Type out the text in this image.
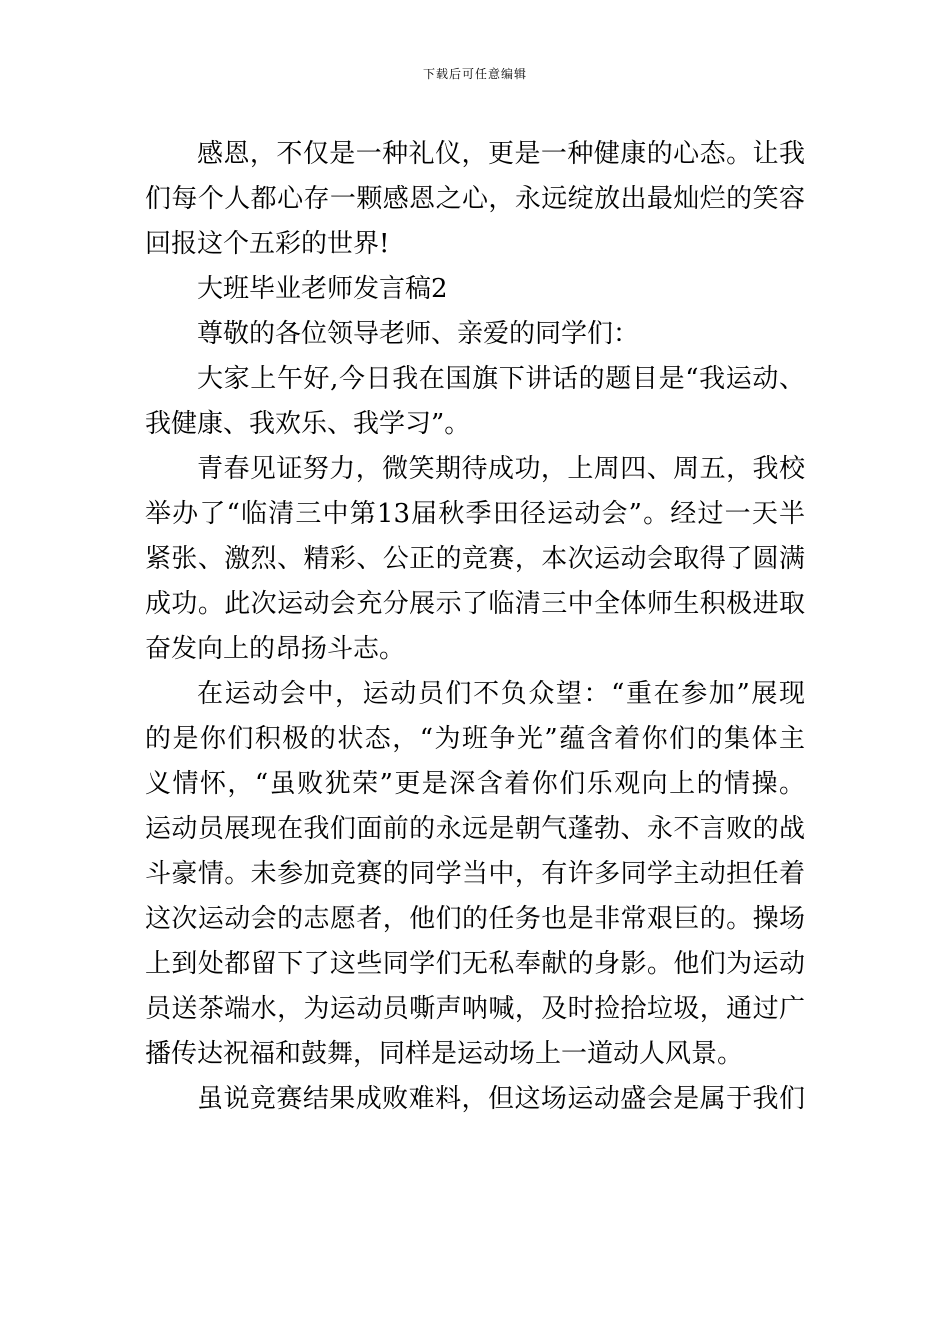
下载后可任意编辑
感恩，不仅是一种礼仪，更是一种健康的心态。让我
们每个人都心存一颗感恩之心，永远绽放出最灿烂的笑容
回报这个五彩的世界!
大班毕业老师发言稿2
尊敬的各位领导老师、亲爱的同学们：
大家上午好,今日我在国旗下讲话的题目是“我运动、
我健康、我欢乐、我学习”。
青春见证努力，微笑期待成功，上周四、周五，我校
举办了“临清三中第13届秋季田径运动会”。经过一天半
紧张、激烈、精彩、公正的竞赛，本次运动会取得了圆满
成功。此次运动会充分展示了临清三中全体师生积极进取
奋发向上的昂扬斗志。
在运动会中，运动员们不负众望：“重在参加”展现
的是你们积极的状态，“为班争光”蕴含着你们的集体主
义情怀，“虽败犹荣”更是深含着你们乐观向上的情操。
运动员展现在我们面前的永远是朝气蓬勃、永不言败的战
斗豪情。未参加竞赛的同学当中，有许多同学主动担任着
这次运动会的志愿者，他们的任务也是非常艰巨的。操场
上到处都留下了这些同学们无私奉献的身影。他们为运动
员送茶端水，为运动员嘶声呐喊，及时捡拾垃圾，通过广
播传达祝福和鼓舞，同样是运动场上一道动人风景。
虽说竞赛结果成败难料，但这场运动盛会是属于我们
